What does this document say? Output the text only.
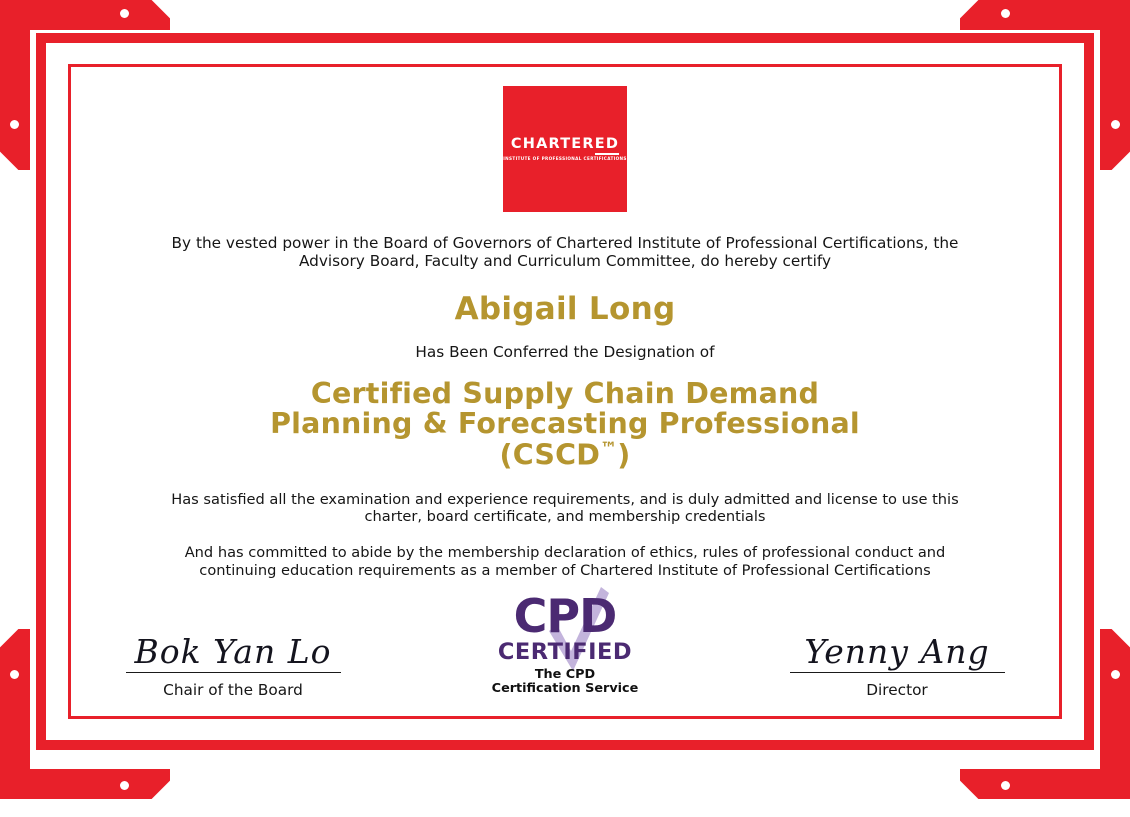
CHARTERED
INSTITUTE OF PROFESSIONAL CERTIFICATIONS
By the vested power in the Board of Governors of Chartered Institute of Professional Certifications, the Advisory Board, Faculty and Curriculum Committee, do hereby certify
Abigail Long
Has Been Conferred the Designation of
Certified Supply Chain Demand
Planning & Forecasting Professional
(CSCD™)
Has satisfied all the examination and experience requirements, and is duly admitted and license to use this charter, board certificate, and membership credentials
And has committed to abide by the membership declaration of ethics, rules of professional conduct and continuing education requirements as a member of Chartered Institute of Professional Certifications
Bok Yan Lo
Chair of the Board
CPD
CERTIFIED
The CPD Certification Service
Yenny Ang
Director
